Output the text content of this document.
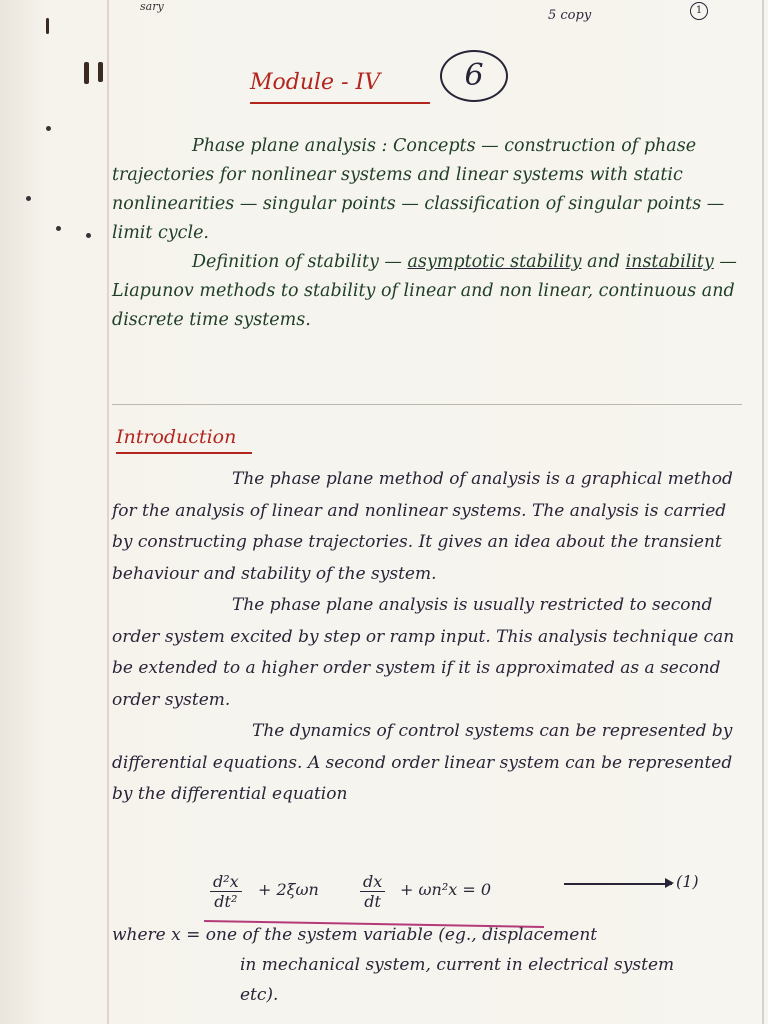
sary
5 copy	1
Module - IV	6

Phase plane analysis : Concepts — construction of phase trajectories for nonlinear systems and linear systems with static nonlinearities — singular points — classification of singular points — limit cycle.

Definition of stability — asymptotic stability and instability — Liapunov methods to stability of linear and non linear, continuous and discrete time systems.

Introduction

The phase plane method of analysis is a graphical method for the analysis of linear and nonlinear systems. The analysis is carried by constructing phase trajectories. It gives an idea about the transient behaviour and stability of the system.

The phase plane analysis is usually restricted to second order system excited by step or ramp input. This analysis technique can be extended to a higher order system if it is approximated as a second order system.

The dynamics of control systems can be represented by differential equations. A second order linear system can be represented by the differential equation

$\frac{\text{d²x}}{\text{dt²}} + 2\xi\omega n$	$\frac{dx}{dt} + \omega n^2x = 0$	(1)

where x = one of the system variable (eg., displacement

in mechanical system, current in electrical system

etc).
